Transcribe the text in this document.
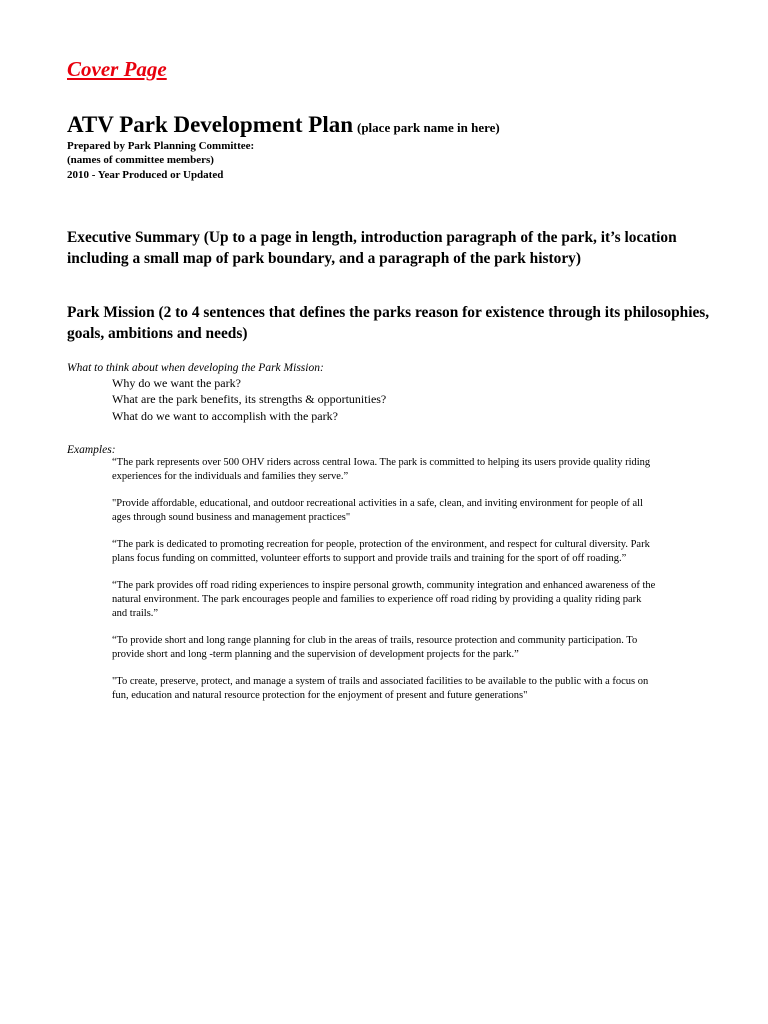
Cover Page
ATV Park Development Plan (place park name in here)
Prepared by Park Planning Committee:
(names of committee members)
2010 - Year Produced or Updated
Executive Summary (Up to a page in length, introduction paragraph of the park, it’s location including a small map of park boundary, and a paragraph of the park history)
Park Mission (2 to 4 sentences that defines the parks reason for existence through its philosophies, goals, ambitions and needs)
What to think about when developing the Park Mission:
Why do we want the park?
What are the park benefits, its strengths & opportunities?
What do we want to accomplish with the park?
Examples:

“The park represents over 500 OHV riders across central Iowa. The park is committed to helping its users provide quality riding experiences for the individuals and families they serve.”

"Provide affordable, educational, and outdoor recreational activities in a safe, clean, and inviting environment for people of all ages through sound business and management practices"

“The park is dedicated to promoting recreation for people, protection of the environment, and respect for cultural diversity. Park plans focus funding on committed, volunteer efforts to support and provide trails and training for the sport of off roading.”

“The park provides off road riding experiences to inspire personal growth, community integration and enhanced awareness of the natural environment. The park encourages people and families to experience off road riding by providing a quality riding park and trails.”

“To provide short and long range planning for club in the areas of trails, resource protection and community participation. To provide short and long -term planning and the supervision of development projects for the park.”

"To create, preserve, protect, and manage a system of trails and associated facilities to be available to the public with a focus on fun, education and natural resource protection for the enjoyment of present and future generations"
